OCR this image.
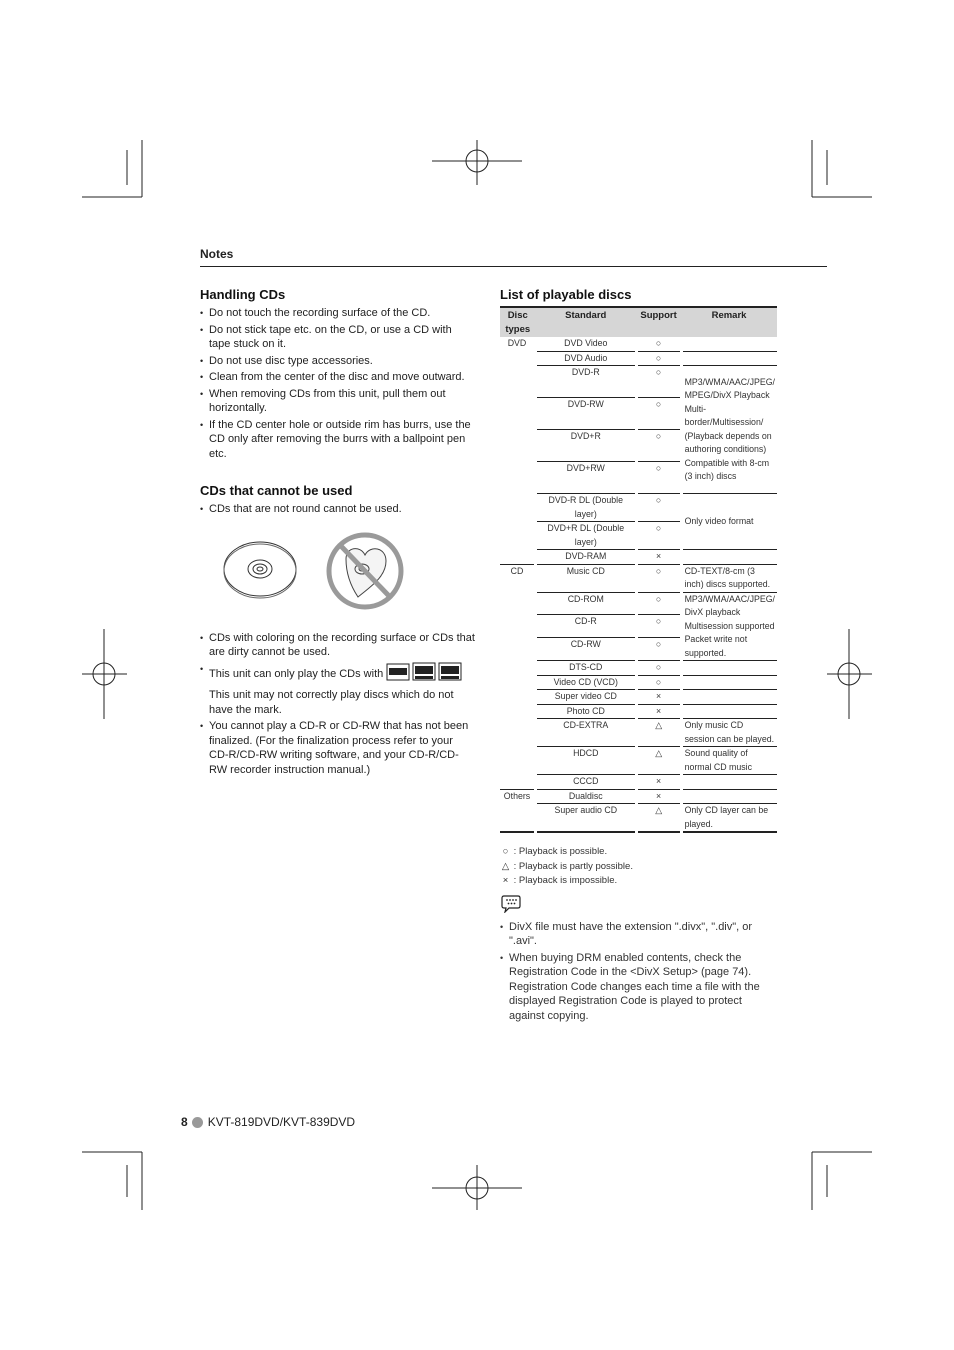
Notes
Handling CDs
• Do not touch the recording surface of the CD.
• Do not stick tape etc. on the CD, or use a CD with tape stuck on it.
• Do not use disc type accessories.
• Clean from the center of the disc and move outward.
• When removing CDs from this unit, pull them out horizontally.
• If the CD center hole or outside rim has burrs, use the CD only after removing the burrs with a ballpoint pen etc.
CDs that cannot be used
• CDs that are not round cannot be used.
• CDs with coloring on the recording surface or CDs that are dirty cannot be used.
• This unit can only play the CDs with
This unit may not correctly play discs which do not have the mark.
• You cannot play a CD-R or CD-RW that has not been finalized. (For the finalization process refer to your CD-R/CD-RW writing software, and your CD-R/CD-RW recorder instruction manual.)
List of playable discs
Disc types	Standard	Support	Remark
DVD	DVD Video	○	
	DVD Audio	○	
	DVD-R	○	MP3/WMA/AAC/JPEG/ MPEG/DivX Playback Multi-border/Multisession/ (Playback depends on authoring conditions) Compatible with 8-cm (3 inch) discs
	DVD-RW	○	
	DVD+R	○	
	DVD+RW	○	
	DVD-R DL (Double layer)	○	Only video format
	DVD+R DL (Double layer)	○	
	DVD-RAM	×	
CD	Music CD	○	CD-TEXT/8-cm (3 inch) discs supported.
	CD-ROM	○	MP3/WMA/AAC/JPEG/ DivX playback Multisession supported Packet write not supported.
	CD-R	○	
	CD-RW	○	
	DTS-CD	○	
	Video CD (VCD)	○	
	Super video CD	×	
	Photo CD	×	
	CD-EXTRA	△	Only music CD session can be played.
	HDCD	△	Sound quality of normal CD music
	CCCD	×	
Others	Dualdisc	×	
	Super audio CD	△	Only CD layer can be played.
○ : Playback is possible.
△ : Playback is partly possible.
× : Playback is impossible.
• DivX file must have the extension ".divx", ".div", or ".avi".
• When buying DRM enabled contents, check the Registration Code in the <DivX Setup> (page 74). Registration Code changes each time a file with the displayed Registration Code is played to protect against copying.
8 KVT-819DVD/KVT-839DVD
